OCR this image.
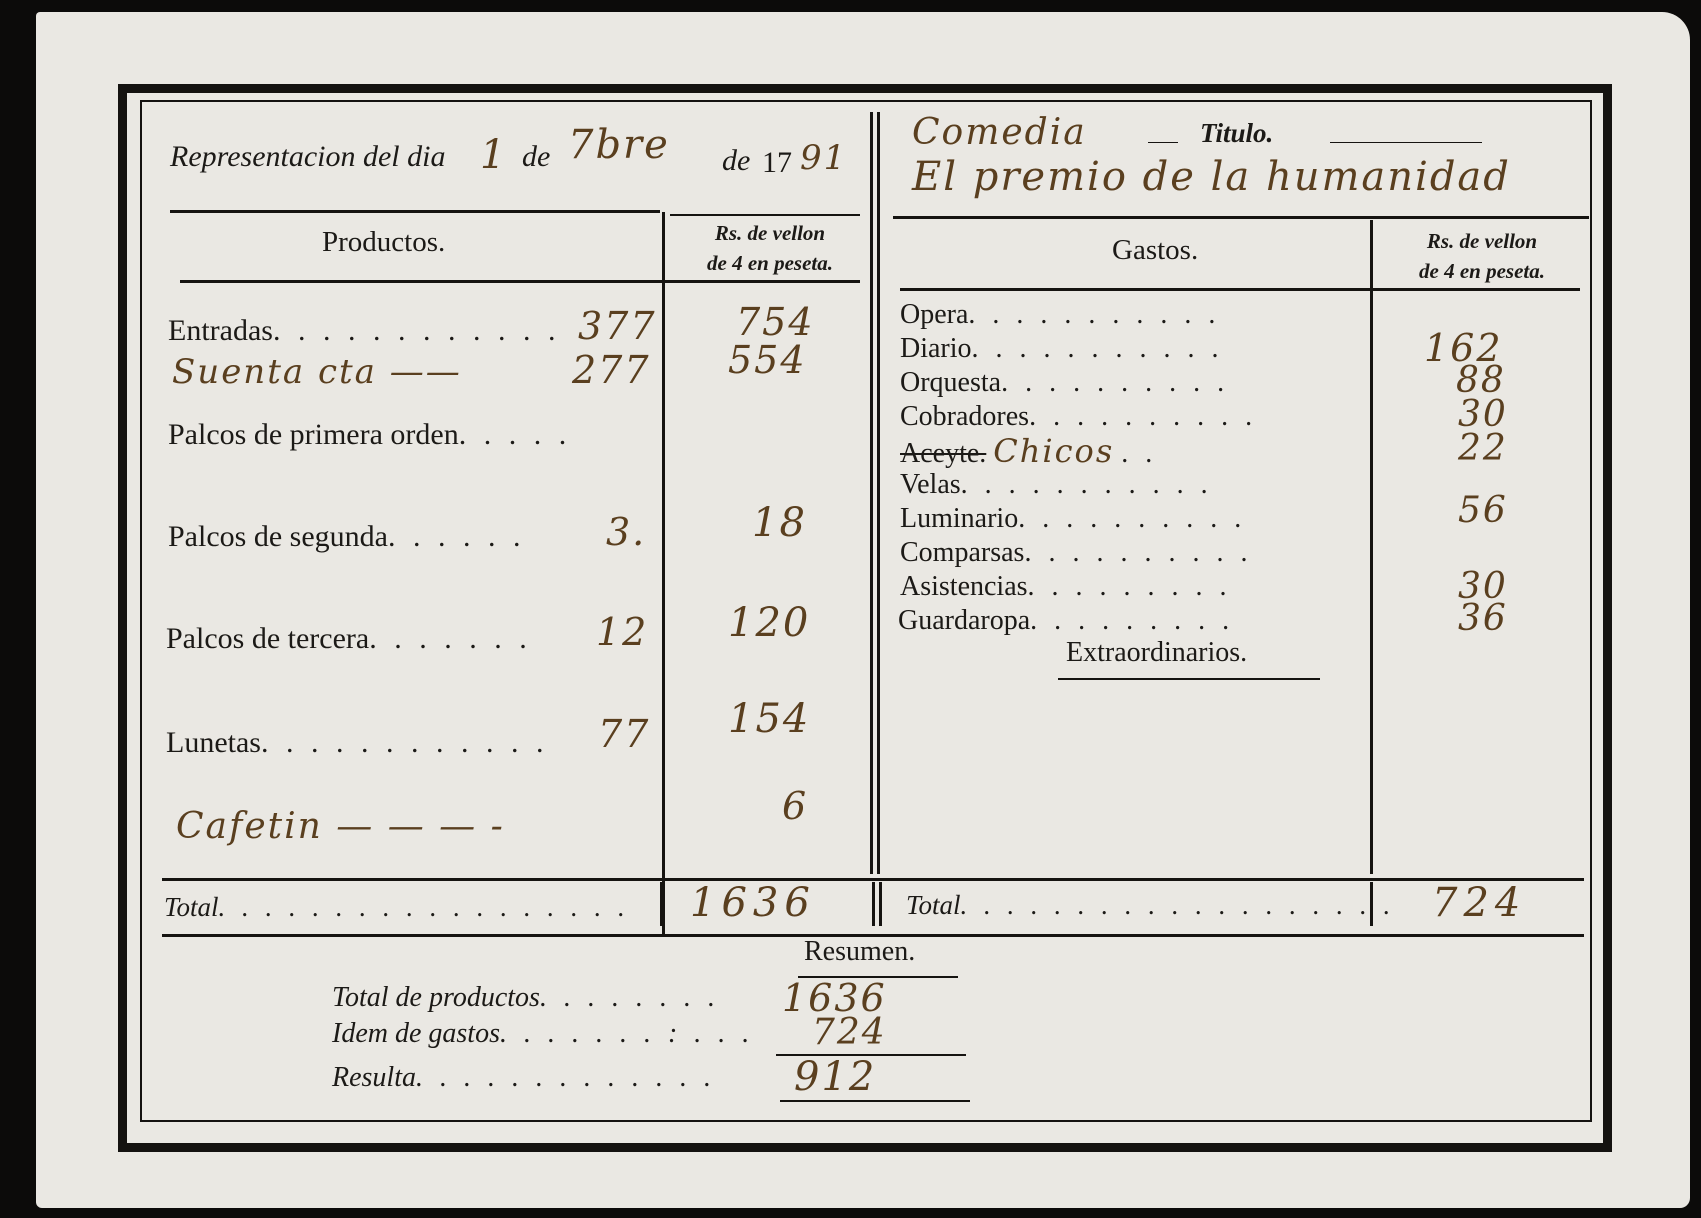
Representacion del dia 1 de 7bre de 17 91
Comedia	Titulo.
El premio de la humanidad
Productos.	Rs. de vellon
de 4 en peseta.
Entradas. . . . . . . . . . . . 377 754
Suenta cta ——	277 554
Palcos de primera orden. . . . .
Palcos de segunda. . . . . . 3.	18
Palcos de tercera. . . . . . . 12 120
Lunetas. . . . . . . . . . . . 77 154
Cafetin — — — -	6
Gastos.	Rs. de vellon
de 4 en peseta.
Opera. . . . . . . . . . .
Diario. . . . . . . . . . .	162
Orquesta. . . . . . . . . .	88
Cobradores. . . . . . . . . .	30
Aceyte. Chicos . .	22
Velas. . . . . . . . . . .
Luminario. . . . . . . . . .	56
Comparsas. . . . . . . . . .
Asistencias. . . . . . . . .	30
Guardaropa. . . . . . . . .	36
Extraordinarios.
Total. . . . . . . . . . . . . . . . . . 1636	Total. . . . . . . . . . . . . . . . . . . 724
Resumen.
Total de productos. . . . . . . . 1636
Idem de gastos. . . . . . . : . . . 724
Resulta. . . . . . . . . . . . . 912
